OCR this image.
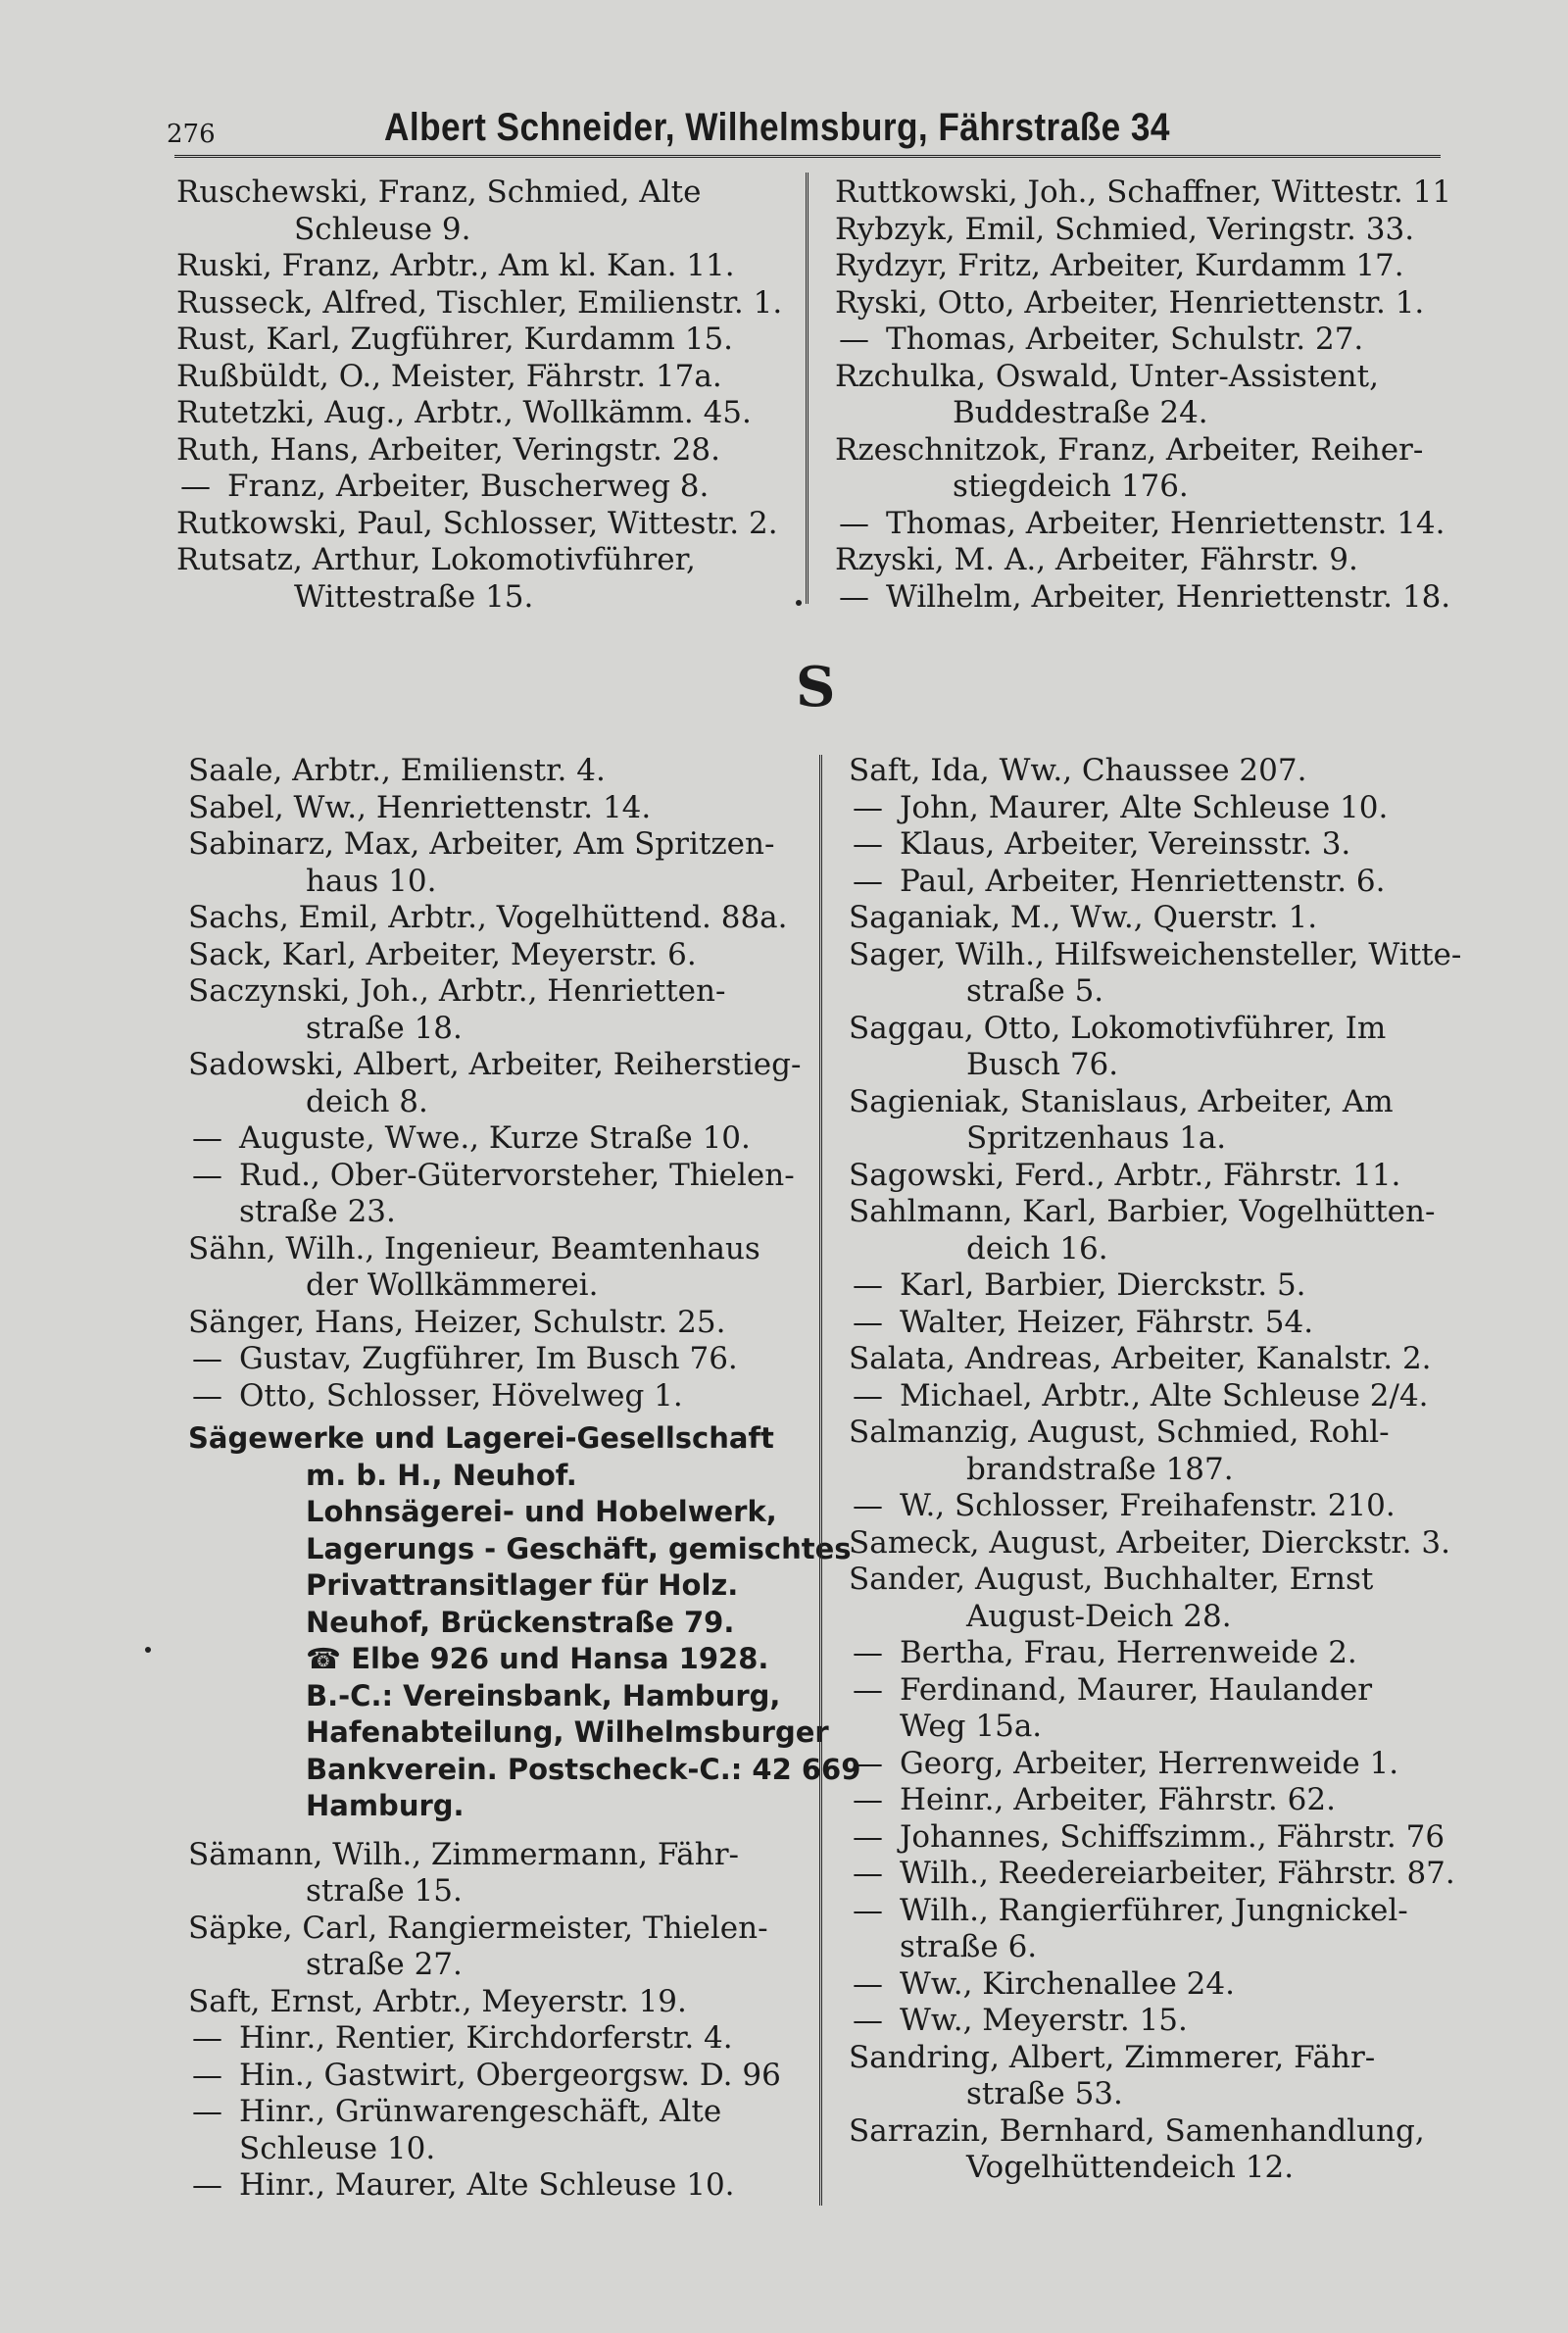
276	Albert Schneider, Wilhelmsburg, Fährstraße 34
Ruschewski, Franz, Schmied, Alte
Schleuse 9.
Ruski, Franz, Arbtr., Am kl. Kan. 11.
Russeck, Alfred, Tischler, Emilienstr. 1.
Rust, Karl, Zugführer, Kurdamm 15.
Rußbüldt, O., Meister, Fährstr. 17a.
Rutetzki, Aug., Arbtr., Wollkämm. 45.
Ruth, Hans, Arbeiter, Veringstr. 28.
— Franz, Arbeiter, Buscherweg 8.
Rutkowski, Paul, Schlosser, Wittestr. 2.
Rutsatz, Arthur, Lokomotivführer,
Wittestraße 15.
Ruttkowski, Joh., Schaffner, Wittestr. 11
Rybzyk, Emil, Schmied, Veringstr. 33.
Rydzyr, Fritz, Arbeiter, Kurdamm 17.
Ryski, Otto, Arbeiter, Henriettenstr. 1.
— Thomas, Arbeiter, Schulstr. 27.
Rzchulka, Oswald, Unter-Assistent,
Buddestraße 24.
Rzeschnitzok, Franz, Arbeiter, Reiher-
stiegdeich 176.
— Thomas, Arbeiter, Henriettenstr. 14.
Rzyski, M. A., Arbeiter, Fährstr. 9.
— Wilhelm, Arbeiter, Henriettenstr. 18.
S
Saale, Arbtr., Emilienstr. 4.
Sabel, Ww., Henriettenstr. 14.
Sabinarz, Max, Arbeiter, Am Spritzen-
haus 10.
Sachs, Emil, Arbtr., Vogelhüttend. 88a.
Sack, Karl, Arbeiter, Meyerstr. 6.
Saczynski, Joh., Arbtr., Henrietten-
straße 18.
Sadowski, Albert, Arbeiter, Reiherstieg-
deich 8.
— Auguste, Wwe., Kurze Straße 10.
— Rud., Ober-Gütervorsteher, Thielen-
straße 23.
Sähn, Wilh., Ingenieur, Beamtenhaus
der Wollkämmerei.
Sänger, Hans, Heizer, Schulstr. 25.
— Gustav, Zugführer, Im Busch 76.
— Otto, Schlosser, Hövelweg 1.
Sägewerke und Lagerei-Gesellschaft
m. b. H., Neuhof.
Lohnsägerei- und Hobelwerk,
Lagerungs - Geschäft, gemischtes
Privattransitlager für Holz.
Neuhof, Brückenstraße 79.
☎ Elbe 926 und Hansa 1928.
B.-C.: Vereinsbank, Hamburg,
Hafenabteilung, Wilhelmsburger
Bankverein. Postscheck-C.: 42 669
Hamburg.
Sämann, Wilh., Zimmermann, Fähr-
straße 15.
Säpke, Carl, Rangiermeister, Thielen-
straße 27.
Saft, Ernst, Arbtr., Meyerstr. 19.
— Hinr., Rentier, Kirchdorferstr. 4.
— Hin., Gastwirt, Obergeorgsw. D. 96
— Hinr., Grünwarengeschäft, Alte
Schleuse 10.
— Hinr., Maurer, Alte Schleuse 10.
Saft, Ida, Ww., Chaussee 207.
— John, Maurer, Alte Schleuse 10.
— Klaus, Arbeiter, Vereinsstr. 3.
— Paul, Arbeiter, Henriettenstr. 6.
Saganiak, M., Ww., Querstr. 1.
Sager, Wilh., Hilfsweichensteller, Witte-
straße 5.
Saggau, Otto, Lokomotivführer, Im
Busch 76.
Sagieniak, Stanislaus, Arbeiter, Am
Spritzenhaus 1a.
Sagowski, Ferd., Arbtr., Fährstr. 11.
Sahlmann, Karl, Barbier, Vogelhütten-
deich 16.
— Karl, Barbier, Dierckstr. 5.
— Walter, Heizer, Fährstr. 54.
Salata, Andreas, Arbeiter, Kanalstr. 2.
— Michael, Arbtr., Alte Schleuse 2/4.
Salmanzig, August, Schmied, Rohl-
brandstraße 187.
— W., Schlosser, Freihafenstr. 210.
Sameck, August, Arbeiter, Dierckstr. 3.
Sander, August, Buchhalter, Ernst
August-Deich 28.
— Bertha, Frau, Herrenweide 2.
— Ferdinand, Maurer, Haulander
Weg 15a.
— Georg, Arbeiter, Herrenweide 1.
— Heinr., Arbeiter, Fährstr. 62.
— Johannes, Schiffszimm., Fährstr. 76
— Wilh., Reedereiarbeiter, Fährstr. 87.
— Wilh., Rangierführer, Jungnickel-
straße 6.
— Ww., Kirchenallee 24.
— Ww., Meyerstr. 15.
Sandring, Albert, Zimmerer, Fähr-
straße 53.
Sarrazin, Bernhard, Samenhandlung,
Vogelhüttendeich 12.
